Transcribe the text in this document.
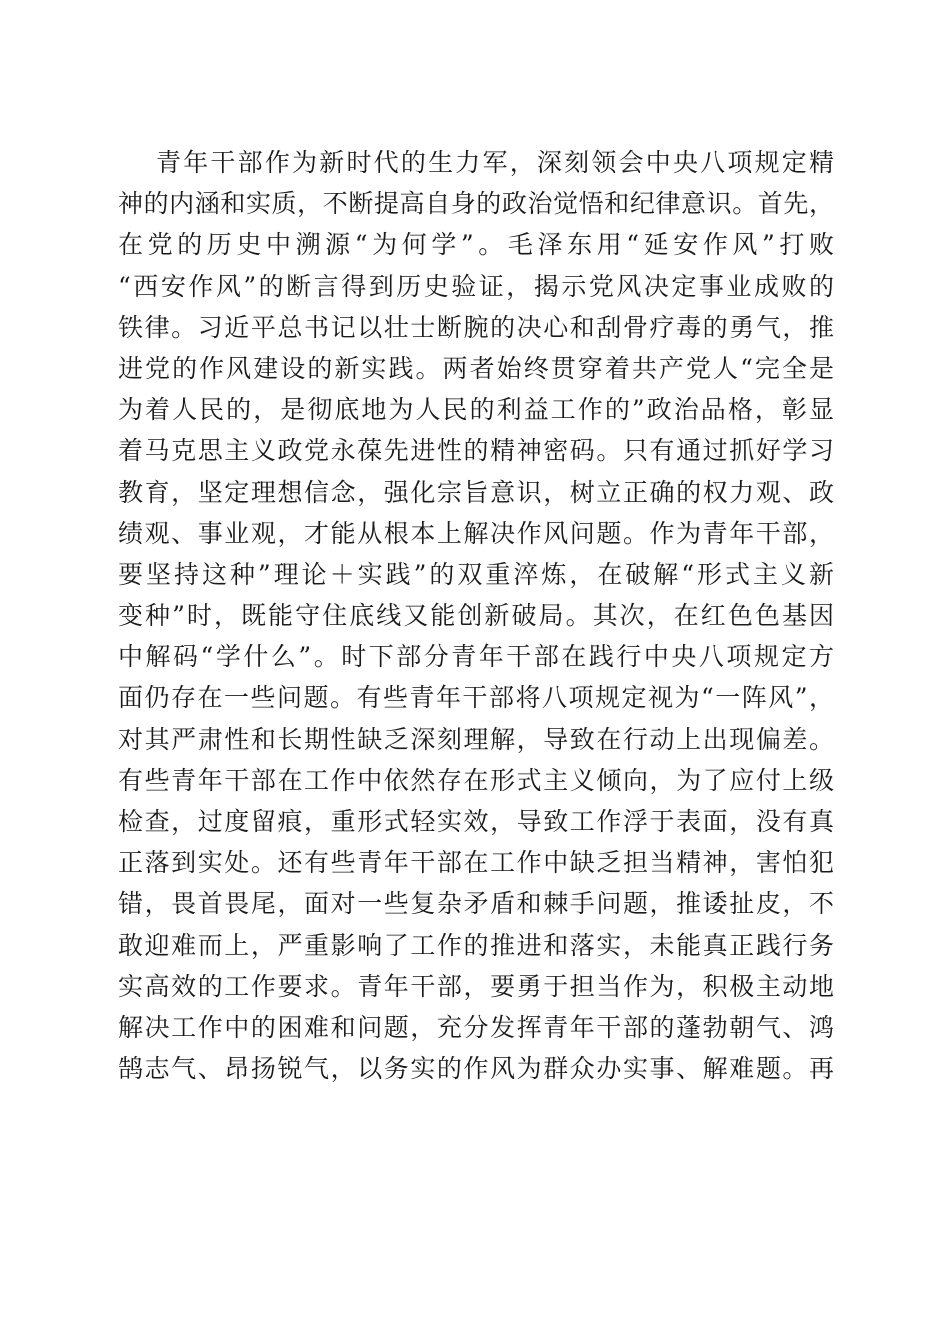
青年干部作为新时代的生力军，深刻领会中央八项规定精
神的内涵和实质，不断提高自身的政治觉悟和纪律意识。首先，
在党的历史中溯源“为何学”。毛泽东用“延安作风”打败
“西安作风”的断言得到历史验证，揭示党风决定事业成败的
铁律。习近平总书记以壮士断腕的决心和刮骨疗毒的勇气，推
进党的作风建设的新实践。两者始终贯穿着共产党人“完全是
为着人民的，是彻底地为人民的利益工作的”政治品格，彰显
着马克思主义政党永葆先进性的精神密码。只有通过抓好学习
教育，坚定理想信念，强化宗旨意识，树立正确的权力观、政
绩观、事业观，才能从根本上解决作风问题。作为青年干部，
要坚持这种”理论＋实践”的双重淬炼，在破解“形式主义新
变种”时，既能守住底线又能创新破局。其次，在红色色基因
中解码“学什么”。时下部分青年干部在践行中央八项规定方
面仍存在一些问题。有些青年干部将八项规定视为“一阵风”，
对其严肃性和长期性缺乏深刻理解，导致在行动上出现偏差。
有些青年干部在工作中依然存在形式主义倾向，为了应付上级
检查，过度留痕，重形式轻实效，导致工作浮于表面，没有真
正落到实处。还有些青年干部在工作中缺乏担当精神，害怕犯
错，畏首畏尾，面对一些复杂矛盾和棘手问题，推诿扯皮，不
敢迎难而上，严重影响了工作的推进和落实，未能真正践行务
实高效的工作要求。青年干部，要勇于担当作为，积极主动地
解决工作中的困难和问题，充分发挥青年干部的蓬勃朝气、鸿
鹄志气、昂扬锐气，以务实的作风为群众办实事、解难题。再
